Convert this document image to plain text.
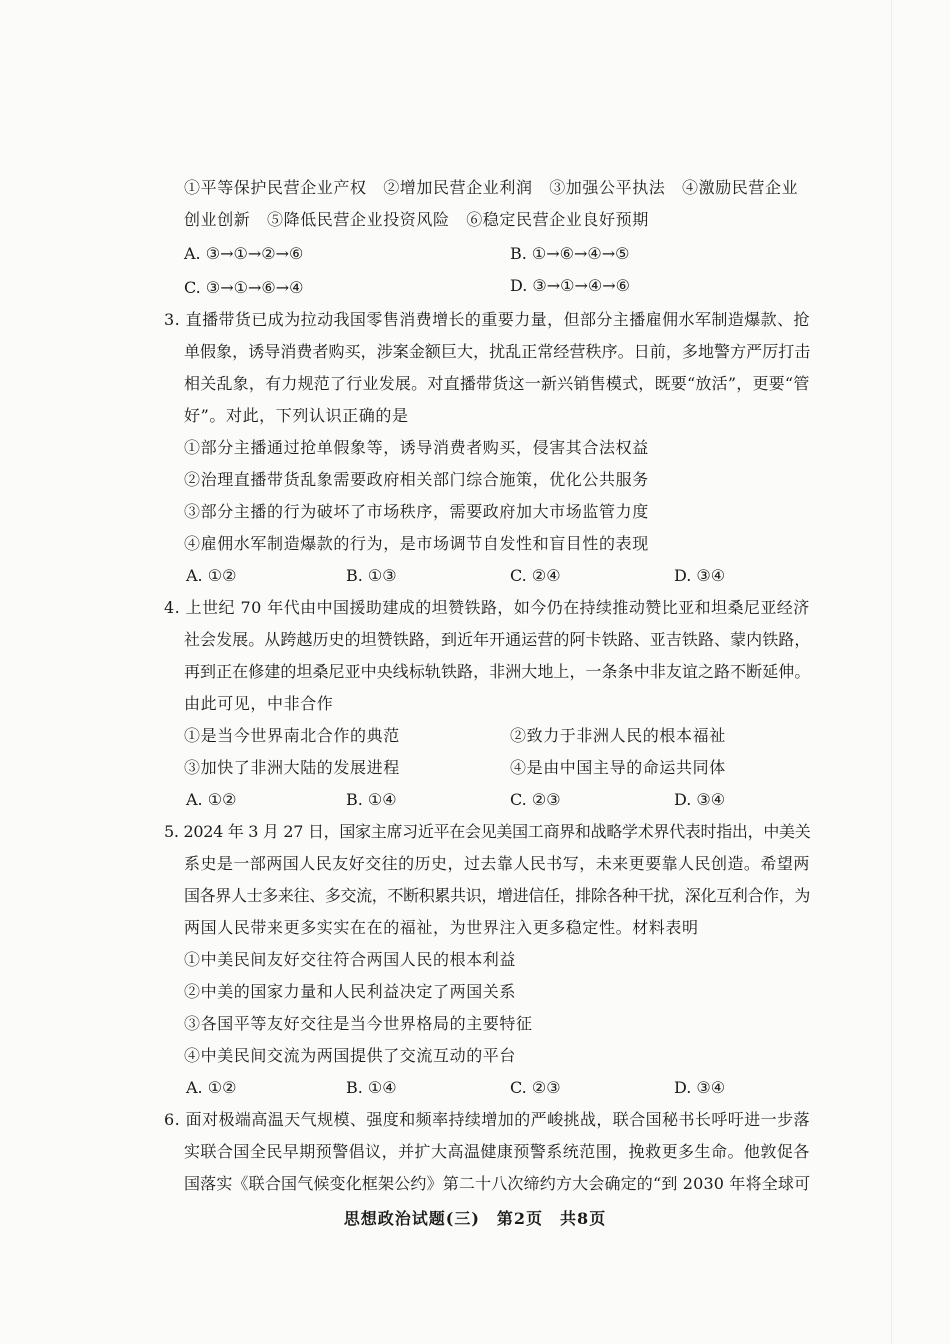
①平等保护民营企业产权　②增加民营企业利润　③加强公平执法　④激励民营企业
创业创新　⑤降低民营企业投资风险　⑥稳定民营企业良好预期
A. ③→①→②→⑥	B. ①→⑥→④→⑤
C. ③→①→⑥→④	D. ③→①→④→⑥
3. 直播带货已成为拉动我国零售消费增长的重要力量，但部分主播雇佣水军制造爆款、抢
单假象，诱导消费者购买，涉案金额巨大，扰乱正常经营秩序。日前，多地警方严厉打击
相关乱象，有力规范了行业发展。对直播带货这一新兴销售模式，既要“放活”，更要“管
好”。对此，下列认识正确的是
①部分主播通过抢单假象等，诱导消费者购买，侵害其合法权益
②治理直播带货乱象需要政府相关部门综合施策，优化公共服务
③部分主播的行为破坏了市场秩序，需要政府加大市场监管力度
④雇佣水军制造爆款的行为，是市场调节自发性和盲目性的表现
A. ①②	B. ①③	C. ②④	D. ③④
4. 上世纪 70 年代由中国援助建成的坦赞铁路，如今仍在持续推动赞比亚和坦桑尼亚经济
社会发展。从跨越历史的坦赞铁路，到近年开通运营的阿卡铁路、亚吉铁路、蒙内铁路，
再到正在修建的坦桑尼亚中央线标轨铁路，非洲大地上，一条条中非友谊之路不断延伸。
由此可见，中非合作
①是当今世界南北合作的典范	②致力于非洲人民的根本福祉
③加快了非洲大陆的发展进程	④是由中国主导的命运共同体
A. ①②	B. ①④	C. ②③	D. ③④
5. 2024 年 3 月 27 日，国家主席习近平在会见美国工商界和战略学术界代表时指出，中美关
系史是一部两国人民友好交往的历史，过去靠人民书写，未来更要靠人民创造。希望两
国各界人士多来往、多交流，不断积累共识，增进信任，排除各种干扰，深化互利合作，为
两国人民带来更多实实在在的福祉，为世界注入更多稳定性。材料表明
①中美民间友好交往符合两国人民的根本利益
②中美的国家力量和人民利益决定了两国关系
③各国平等友好交往是当今世界格局的主要特征
④中美民间交流为两国提供了交流互动的平台
A. ①②	B. ①④	C. ②③	D. ③④
6. 面对极端高温天气规模、强度和频率持续增加的严峻挑战，联合国秘书长呼吁进一步落
实联合国全民早期预警倡议，并扩大高温健康预警系统范围，挽救更多生命。他敦促各
国落实《联合国气候变化框架公约》第二十八次缔约方大会确定的“到 2030 年将全球可
思想政治试题(三)　第2页　共8页
